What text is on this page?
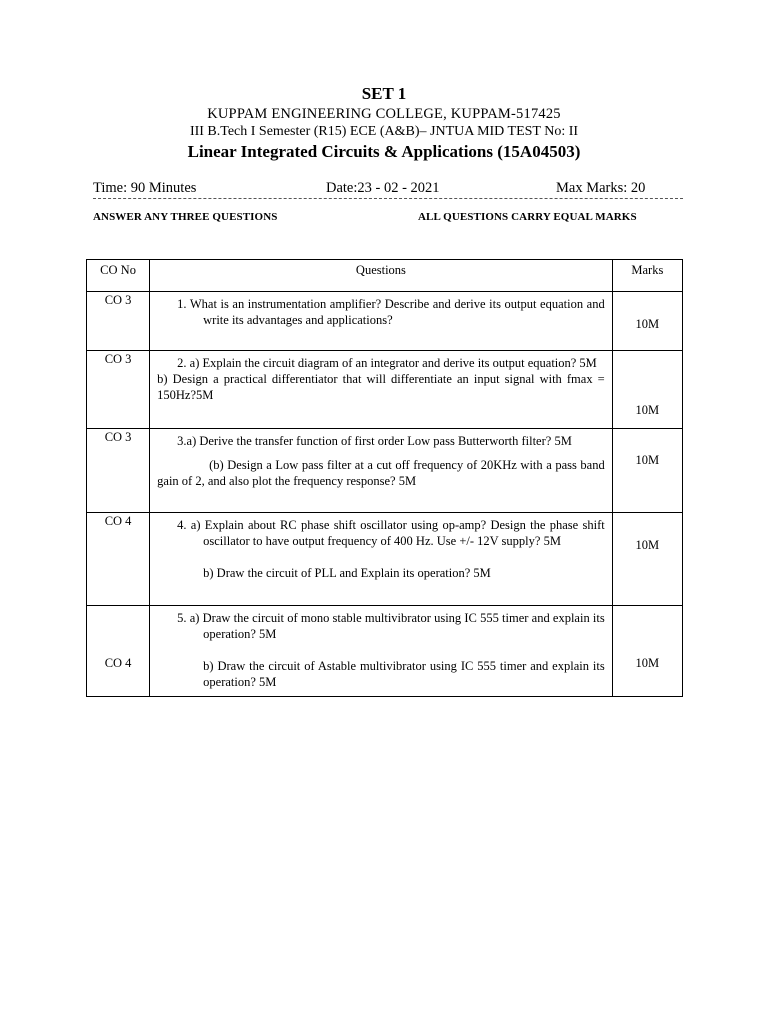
SET 1
KUPPAM ENGINEERING COLLEGE, KUPPAM-517425
III B.Tech I Semester (R15) ECE (A&B)– JNTUA MID TEST No: II
Linear Integrated Circuits & Applications (15A04503)
Time: 90 Minutes	Date:23 - 02 - 2021	Max Marks: 20
ANSWER ANY THREE QUESTIONS	ALL QUESTIONS CARRY EQUAL MARKS
CO No	Questions	Marks
CO 3	1. What is an instrumentation amplifier? Describe and derive its output equation and write its advantages and applications?	10M
CO 3	2. a) Explain the circuit diagram of an integrator and derive its output equation? 5M
b) Design a practical differentiator that will differentiate an input signal with fmax = 150Hz?5M	10M
CO 3	3.a) Derive the transfer function of first order Low pass Butterworth filter? 5M
(b) Design a Low pass filter at a cut off frequency of 20KHz with a pass band gain of 2, and also plot the frequency response? 5M	10M
CO 4	4. a) Explain about RC phase shift oscillator using op-amp? Design the phase shift oscillator to have output frequency of 400 Hz. Use +/- 12V supply? 5M
b) Draw the circuit of PLL and Explain its operation? 5M	10M
CO 4	5. a) Draw the circuit of mono stable multivibrator using IC 555 timer and explain its operation? 5M
b) Draw the circuit of Astable multivibrator using IC 555 timer and explain its operation? 5M	10M
